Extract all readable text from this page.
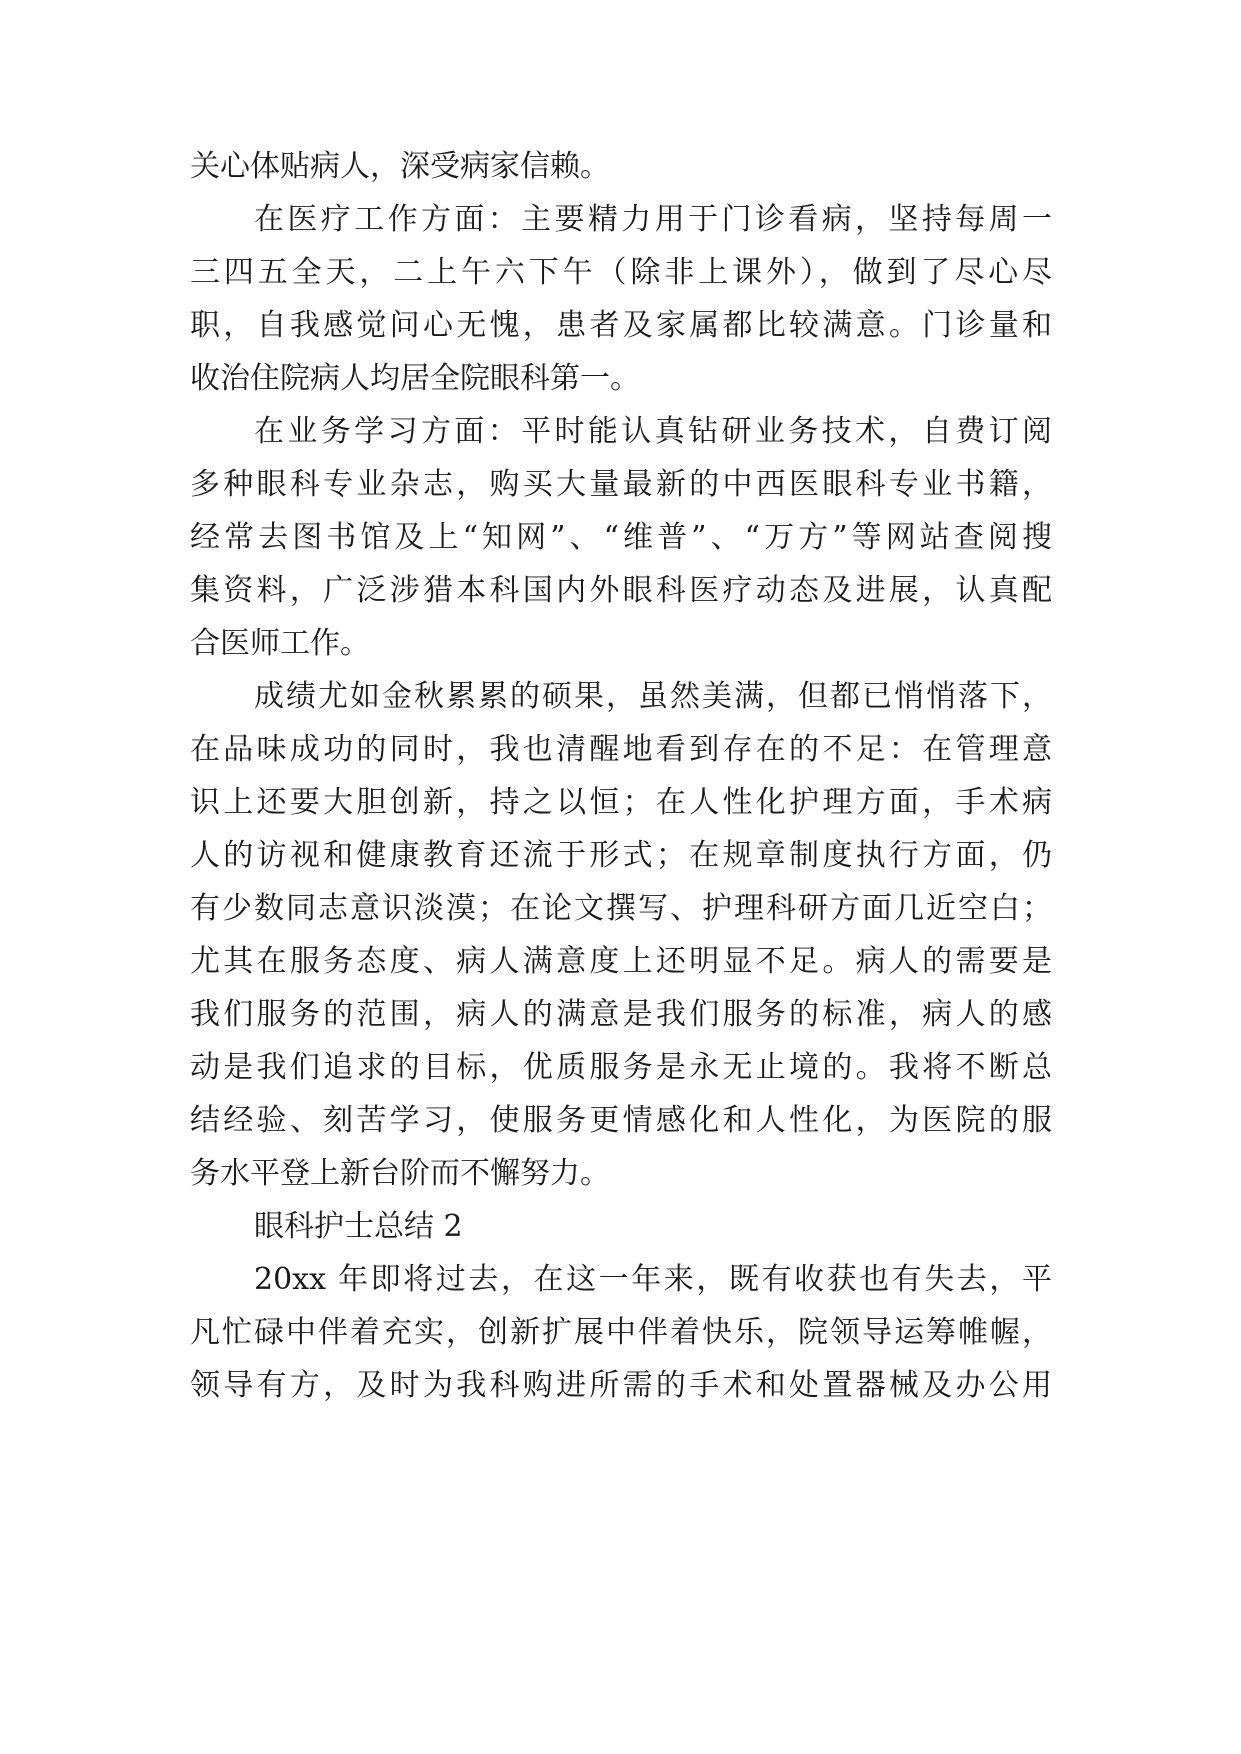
关心体贴病人，深受病家信赖。
在医疗工作方面：主要精力用于门诊看病，坚持每周一
三四五全天，二上午六下午（除非上课外），做到了尽心尽
职，自我感觉问心无愧，患者及家属都比较满意。门诊量和
收治住院病人均居全院眼科第一。
在业务学习方面：平时能认真钻研业务技术，自费订阅
多种眼科专业杂志，购买大量最新的中西医眼科专业书籍，
经常去图书馆及上“知网”、“维普”、“万方”等网站查阅搜
集资料，广泛涉猎本科国内外眼科医疗动态及进展，认真配
合医师工作。
成绩尤如金秋累累的硕果，虽然美满，但都已悄悄落下，
在品味成功的同时，我也清醒地看到存在的不足：在管理意
识上还要大胆创新，持之以恒；在人性化护理方面，手术病
人的访视和健康教育还流于形式；在规章制度执行方面，仍
有少数同志意识淡漠；在论文撰写、护理科研方面几近空白；
尤其在服务态度、病人满意度上还明显不足。病人的需要是
我们服务的范围，病人的满意是我们服务的标准，病人的感
动是我们追求的目标，优质服务是永无止境的。我将不断总
结经验、刻苦学习，使服务更情感化和人性化，为医院的服
务水平登上新台阶而不懈努力。
眼科护士总结 2
20xx 年即将过去，在这一年来，既有收获也有失去，平
凡忙碌中伴着充实，创新扩展中伴着快乐，院领导运筹帷幄，
领导有方，及时为我科购进所需的手术和处置器械及办公用
